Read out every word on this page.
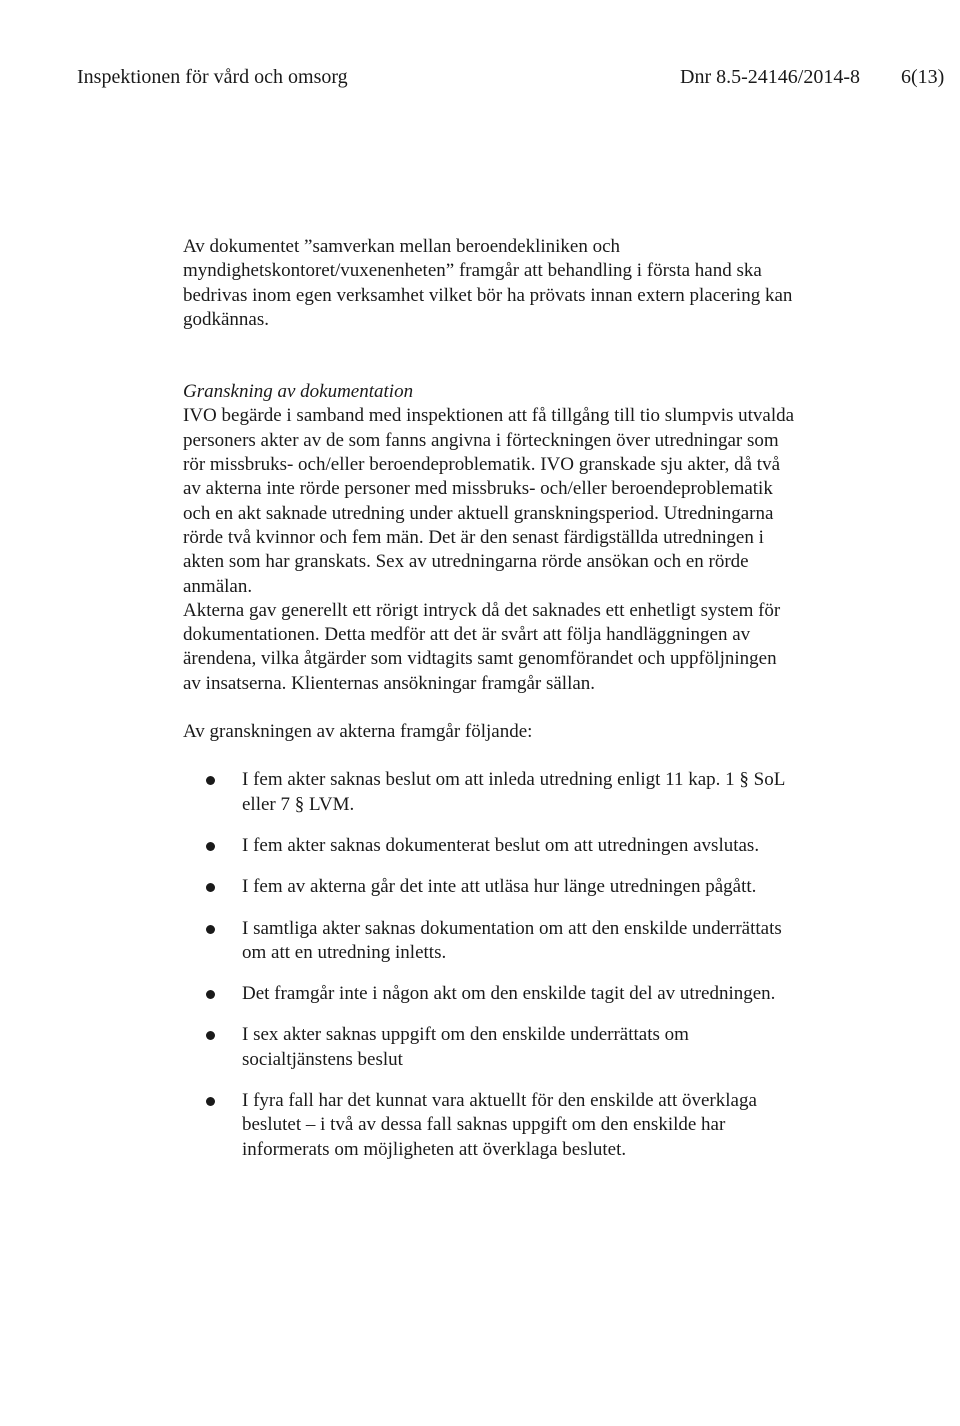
Inspektionen för vård och omsorg	Dnr 8.5-24146/2014-8 6(13)

Av dokumentet ”samverkan mellan beroendekliniken och myndighetskontoret/vuxenenheten” framgår att behandling i första hand ska bedrivas inom egen verksamhet vilket bör ha prövats innan extern placering kan godkännas.

Granskning av dokumentation

IVO begärde i samband med inspektionen att få tillgång till tio slumpvis utvalda personers akter av de som fanns angivna i förteckningen över utredningar som rör missbruks- och/eller beroendeproblematik. IVO granskade sju akter, då två av akterna inte rörde personer med missbruks- och/eller beroendeproblematik och en akt saknade utredning under aktuell granskningsperiod. Utredningarna rörde två kvinnor och fem män. Det är den senast färdigställda utredningen i akten som har granskats. Sex av utredningarna rörde ansökan och en rörde anmälan.

Akterna gav generellt ett rörigt intryck då det saknades ett enhetligt system för dokumentationen. Detta medför att det är svårt att följa handläggningen av ärendena, vilka åtgärder som vidtagits samt genomförandet och uppföljningen av insatserna. Klienternas ansökningar framgår sällan.

Av granskningen av akterna framgår följande:

I fem akter saknas beslut om att inleda utredning enligt 11 kap. 1 § SoL eller 7 § LVM.
I fem akter saknas dokumenterat beslut om att utredningen avslutas.
I fem av akterna går det inte att utläsa hur länge utredningen pågått.
I samtliga akter saknas dokumentation om att den enskilde underrättats om att en utredning inletts.
Det framgår inte i någon akt om den enskilde tagit del av utredningen.
I sex akter saknas uppgift om den enskilde underrättats om socialtjänstens beslut
I fyra fall har det kunnat vara aktuellt för den enskilde att överklaga beslutet – i två av dessa fall saknas uppgift om den enskilde har informerats om möjligheten att överklaga beslutet.
